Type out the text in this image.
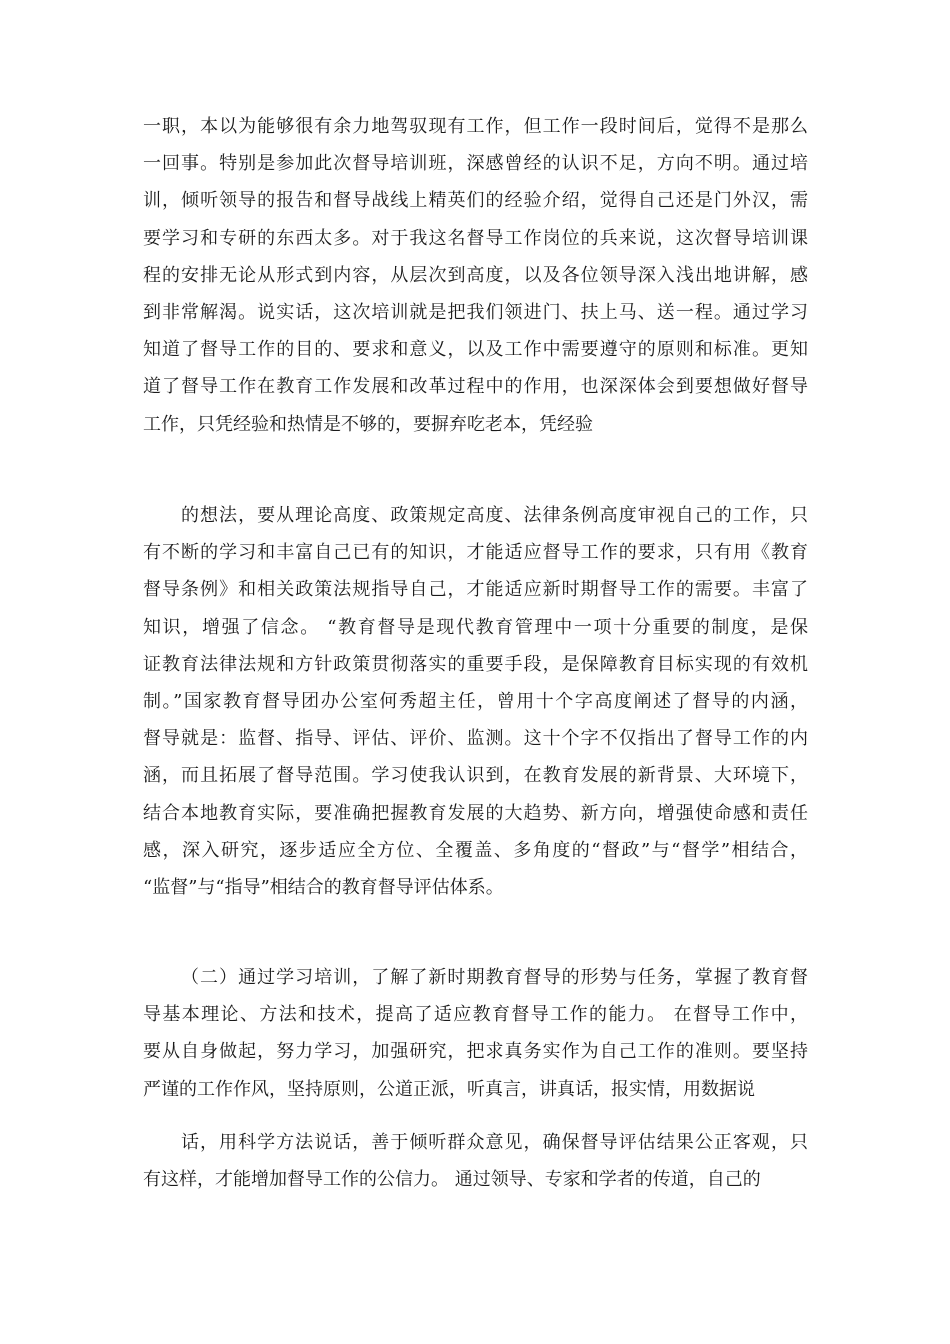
一职，本以为能够很有余力地驾驭现有工作，但工作一段时间后，觉得不是那么
一回事。特别是参加此次督导培训班，深感曾经的认识不足，方向不明。通过培
训，倾听领导的报告和督导战线上精英们的经验介绍，觉得自己还是门外汉，需
要学习和专研的东西太多。对于我这名督导工作岗位的兵来说，这次督导培训课
程的安排无论从形式到内容，从层次到高度，以及各位领导深入浅出地讲解，感
到非常解渴。说实话，这次培训就是把我们领进门、扶上马、送一程。通过学习
知道了督导工作的目的、要求和意义，以及工作中需要遵守的原则和标准。更知
道了督导工作在教育工作发展和改革过程中的作用，也深深体会到要想做好督导
工作，只凭经验和热情是不够的，要摒弃吃老本，凭经验
的想法，要从理论高度、政策规定高度、法律条例高度审视自己的工作，只
有不断的学习和丰富自己已有的知识，才能适应督导工作的要求，只有用《教育
督导条例》和相关政策法规指导自己，才能适应新时期督导工作的需要。丰富了
知识，增强了信念。 “教育督导是现代教育管理中一项十分重要的制度，是保
证教育法律法规和方针政策贯彻落实的重要手段，是保障教育目标实现的有效机
制。”国家教育督导团办公室何秀超主任，曾用十个字高度阐述了督导的内涵，
督导就是：监督、指导、评估、评价、监测。这十个字不仅指出了督导工作的内
涵，而且拓展了督导范围。学习使我认识到，在教育发展的新背景、大环境下，
结合本地教育实际，要准确把握教育发展的大趋势、新方向，增强使命感和责任
感，深入研究，逐步适应全方位、全覆盖、多角度的“督政”与“督学”相结合，
“监督”与“指导”相结合的教育督导评估体系。
（二）通过学习培训，了解了新时期教育督导的形势与任务，掌握了教育督
导基本理论、方法和技术，提高了适应教育督导工作的能力。 在督导工作中，
要从自身做起，努力学习，加强研究，把求真务实作为自己工作的准则。要坚持
严谨的工作作风，坚持原则，公道正派，听真言，讲真话，报实情，用数据说
话，用科学方法说话，善于倾听群众意见，确保督导评估结果公正客观，只
有这样，才能增加督导工作的公信力。 通过领导、专家和学者的传道，自己的
